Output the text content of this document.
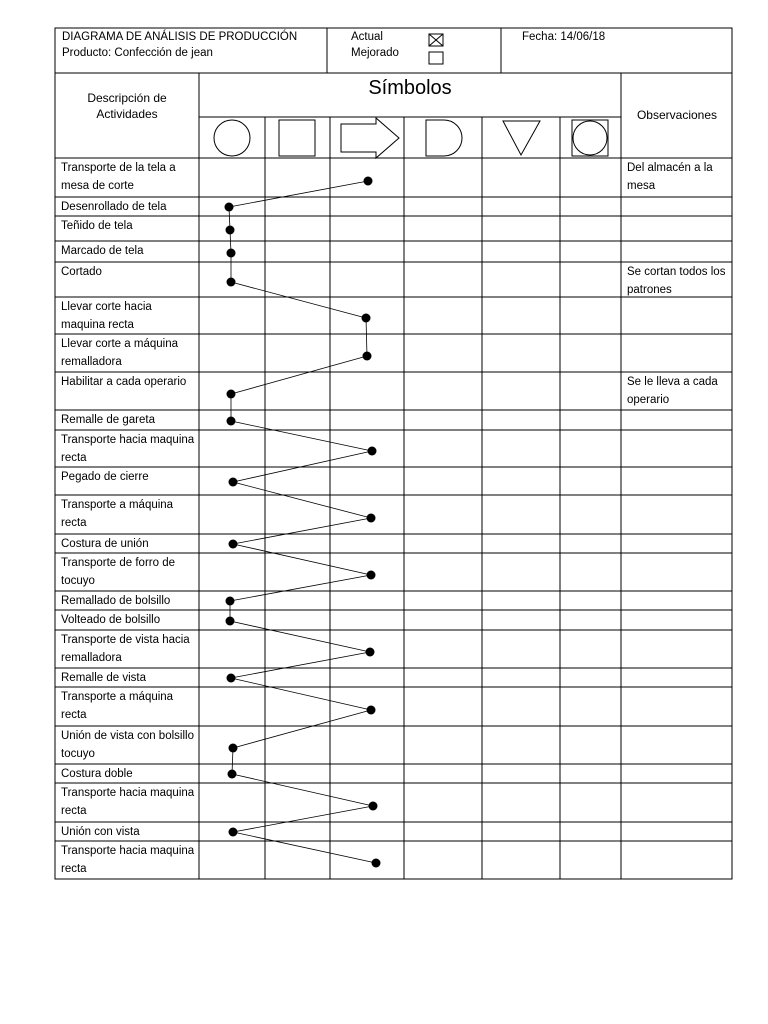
DIAGRAMA DE ANÁLISIS DE PRODUCCIÓN
Producto: Confección de jean
Actual
Mejorado
Fecha: 14/06/18
Descripción de Actividades
Símbolos
Observaciones
Transporte de la tela a mesa de corte
Del almacén a la mesa
Desenrollado de tela
Teñido de tela
Marcado de tela
Cortado	Se cortan todos los patrones
Llevar corte hacia maquina recta
Llevar corte a máquina remalladora
Habilitar a cada operario	Se le lleva a cada operario
Remalle de gareta
Transporte hacia maquina recta
Pegado de cierre
Transporte a máquina recta
Costura de unión
Transporte de forro de tocuyo
Remallado de bolsillo
Volteado de bolsillo
Transporte de vista hacia remalladora
Remalle de vista
Transporte a máquina recta
Unión de vista con bolsillo tocuyo
Costura doble
Transporte hacia maquina recta
Unión con vista
Transporte hacia maquina recta
